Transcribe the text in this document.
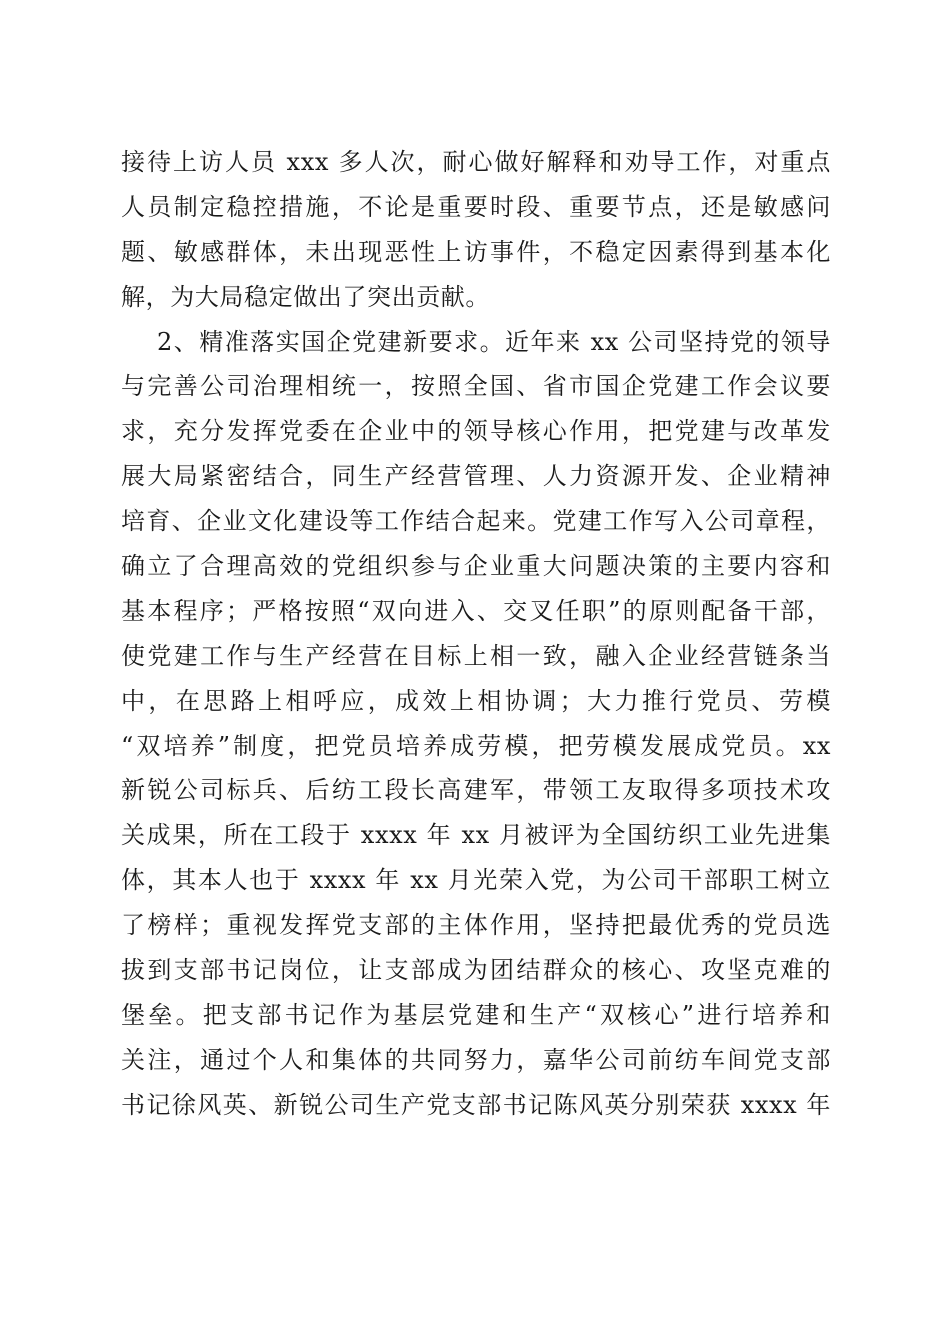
接待上访人员 xxx 多人次，耐心做好解释和劝导工作，对重点
人员制定稳控措施，不论是重要时段、重要节点，还是敏感问
题、敏感群体，未出现恶性上访事件，不稳定因素得到基本化
解，为大局稳定做出了突出贡献。
2、精准落实国企党建新要求。近年来 xx 公司坚持党的领导
与完善公司治理相统一，按照全国、省市国企党建工作会议要
求，充分发挥党委在企业中的领导核心作用，把党建与改革发
展大局紧密结合，同生产经营管理、人力资源开发、企业精神
培育、企业文化建设等工作结合起来。党建工作写入公司章程，
确立了合理高效的党组织参与企业重大问题决策的主要内容和
基本程序；严格按照“双向进入、交叉任职”的原则配备干部，
使党建工作与生产经营在目标上相一致，融入企业经营链条当
中，在思路上相呼应，成效上相协调；大力推行党员、劳模
“双培养”制度，把党员培养成劳模，把劳模发展成党员。xx
新锐公司标兵、后纺工段长高建军，带领工友取得多项技术攻
关成果，所在工段于 xxxx 年 xx 月被评为全国纺织工业先进集
体，其本人也于 xxxx 年 xx 月光荣入党，为公司干部职工树立
了榜样；重视发挥党支部的主体作用，坚持把最优秀的党员选
拔到支部书记岗位，让支部成为团结群众的核心、攻坚克难的
堡垒。把支部书记作为基层党建和生产“双核心”进行培养和
关注，通过个人和集体的共同努力，嘉华公司前纺车间党支部
书记徐风英、新锐公司生产党支部书记陈风英分别荣获 xxxx 年
